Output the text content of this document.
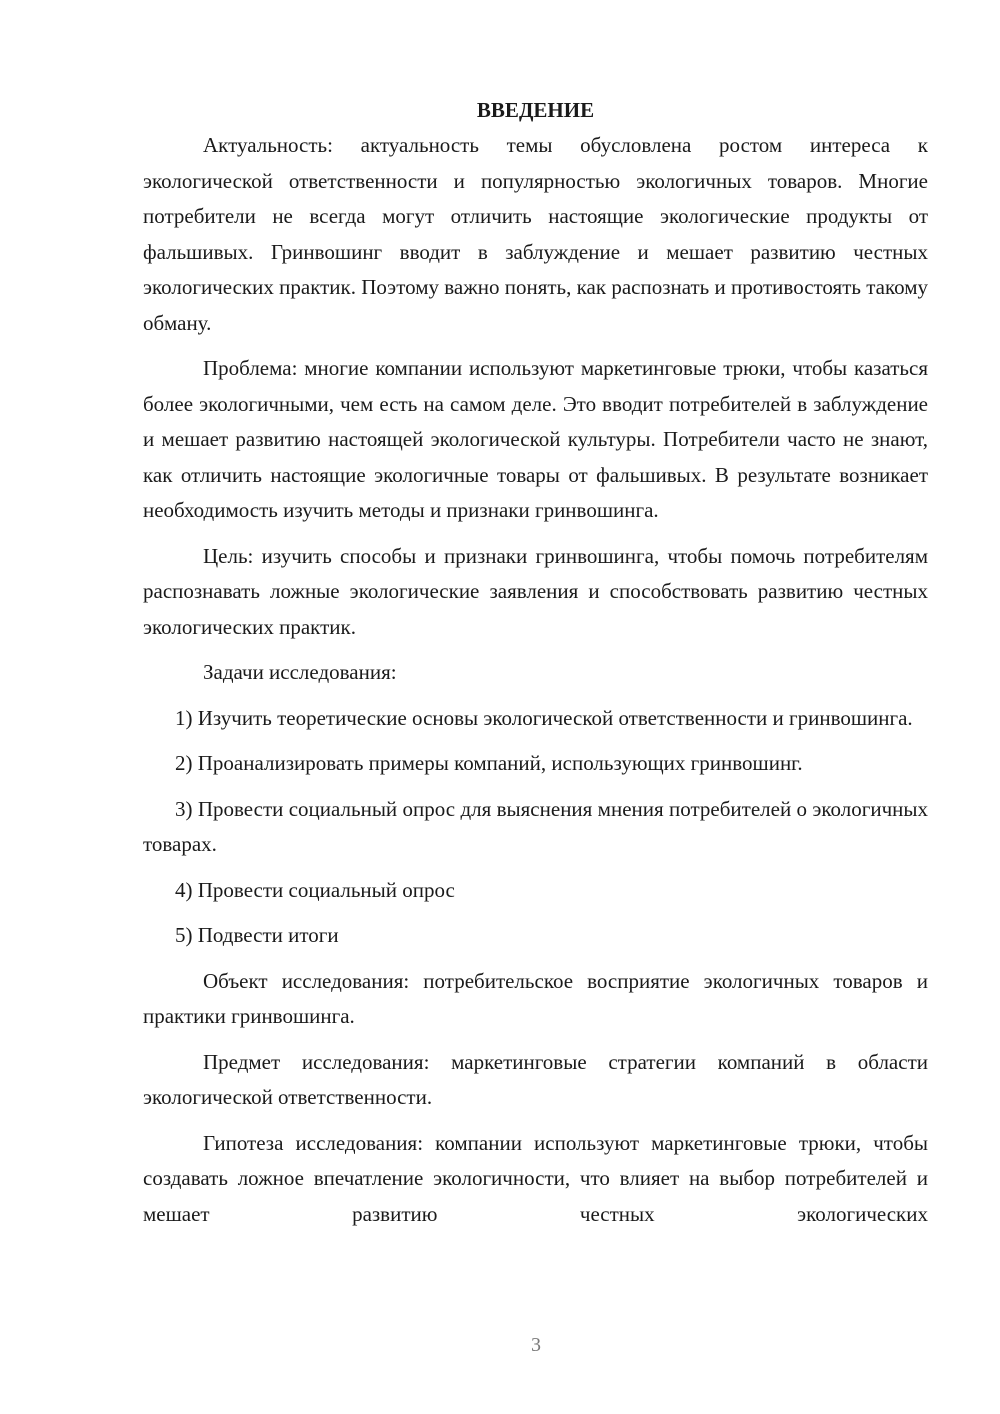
ВВЕДЕНИЕ

Актуальность: актуальность темы обусловлена ростом интереса к экологической ответственности и популярностью экологичных товаров. Многие потребители не всегда могут отличить настоящие экологические продукты от фальшивых. Гринвошинг вводит в заблуждение и мешает развитию честных экологических практик. Поэтому важно понять, как распознать и противостоять такому обману.

Проблема: многие компании используют маркетинговые трюки, чтобы казаться более экологичными, чем есть на самом деле. Это вводит потребителей в заблуждение и мешает развитию настоящей экологической культуры. Потребители часто не знают, как отличить настоящие экологичные товары от фальшивых. В результате возникает необходимость изучить методы и признаки гринвошинга.

Цель: изучить способы и признаки гринвошинга, чтобы помочь потребителям распознавать ложные экологические заявления и способствовать развитию честных экологических практик.

Задачи исследования:

1) Изучить теоретические основы экологической ответственности и гринвошинга.

2) Проанализировать примеры компаний, использующих гринвошинг.

3) Провести социальный опрос для выяснения мнения потребителей о экологичных товарах.

4) Провести социальный опрос

5) Подвести итоги

Объект исследования: потребительское восприятие экологичных товаров и практики гринвошинга.

Предмет исследования: маркетинговые стратегии компаний в области экологической ответственности.

Гипотеза исследования: компании используют маркетинговые трюки, чтобы создавать ложное впечатление экологичности, что влияет на выбор потребителей и мешает развитию честных экологических

3
